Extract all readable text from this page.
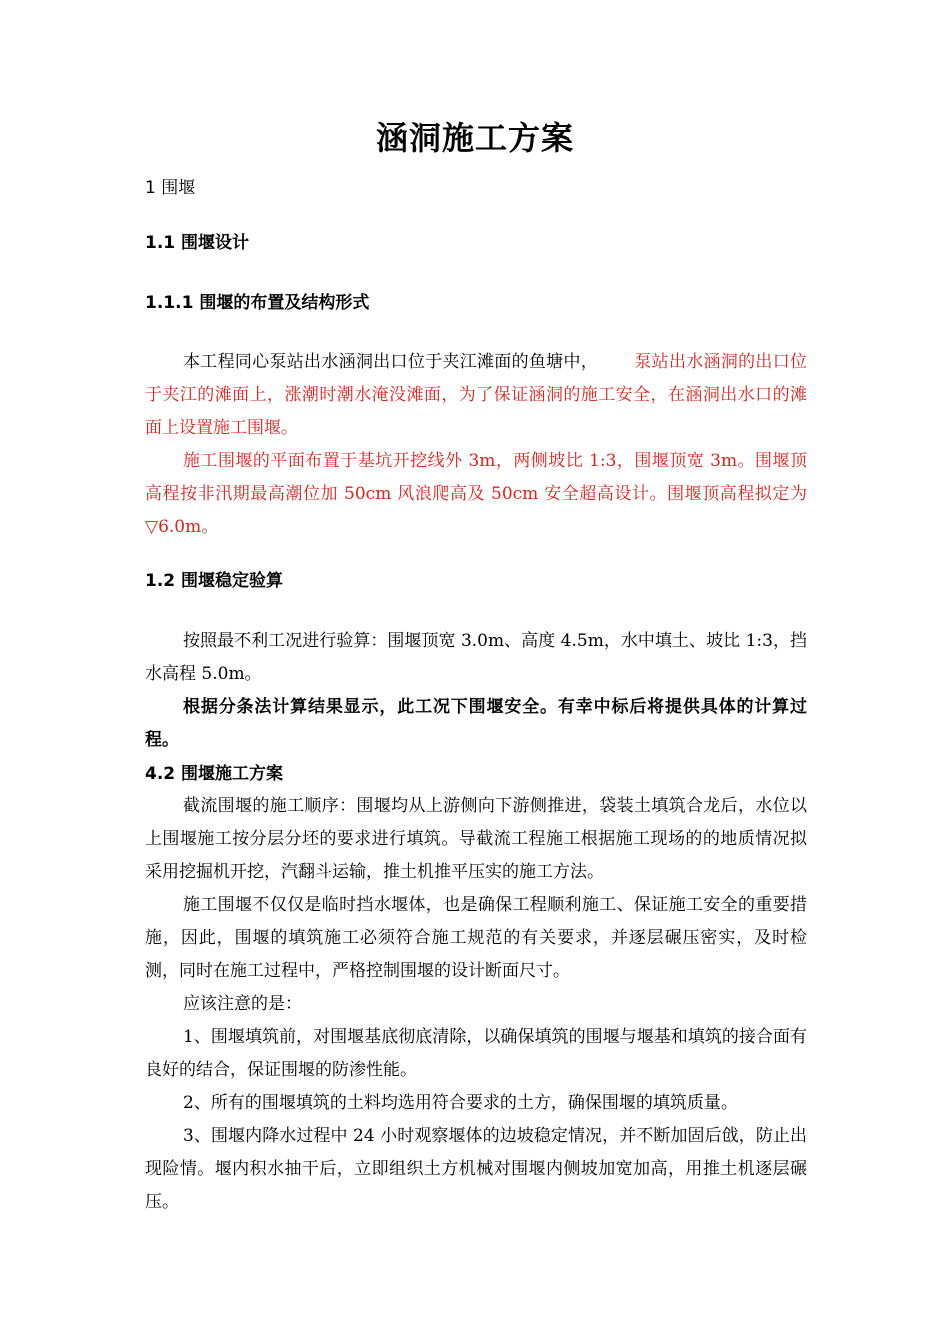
涵洞施工方案
1 围堰
1.1 围堰设计
1.1.1 围堰的布置及结构形式
本工程同心泵站出水涵洞出口位于夹江滩面的鱼塘中， 泵站出水涵洞的出口位于夹江的滩面上，涨潮时潮水淹没滩面，为了保证涵洞的施工安全，在涵洞出水口的滩面上设置施工围堰。
施工围堰的平面布置于基坑开挖线外 3m，两侧坡比 1:3，围堰顶宽 3m。围堰顶高程按非汛期最高潮位加 50cm 风浪爬高及 50cm 安全超高设计。围堰顶高程拟定为▽6.0m。
1.2 围堰稳定验算
按照最不利工况进行验算：围堰顶宽 3.0m、高度 4.5m，水中填土、坡比 1:3，挡水高程 5.0m。
根据分条法计算结果显示，此工况下围堰安全。有幸中标后将提供具体的计算过程。
4.2 围堰施工方案
截流围堰的施工顺序：围堰均从上游侧向下游侧推进，袋装土填筑合龙后，水位以上围堰施工按分层分坯的要求进行填筑。导截流工程施工根据施工现场的的地质情况拟采用挖掘机开挖，汽翻斗运输，推土机推平压实的施工方法。
施工围堰不仅仅是临时挡水堰体，也是确保工程顺利施工、保证施工安全的重要措施，因此，围堰的填筑施工必须符合施工规范的有关要求，并逐层碾压密实，及时检测，同时在施工过程中，严格控制围堰的设计断面尺寸。
应该注意的是：
1、围堰填筑前，对围堰基底彻底清除，以确保填筑的围堰与堰基和填筑的接合面有良好的结合，保证围堰的防渗性能。
2、所有的围堰填筑的土料均选用符合要求的土方，确保围堰的填筑质量。
3、围堰内降水过程中 24 小时观察堰体的边坡稳定情况，并不断加固后戗，防止出现险情。堰内积水抽干后，立即组织土方机械对围堰内侧坡加宽加高，用推土机逐层碾压。
